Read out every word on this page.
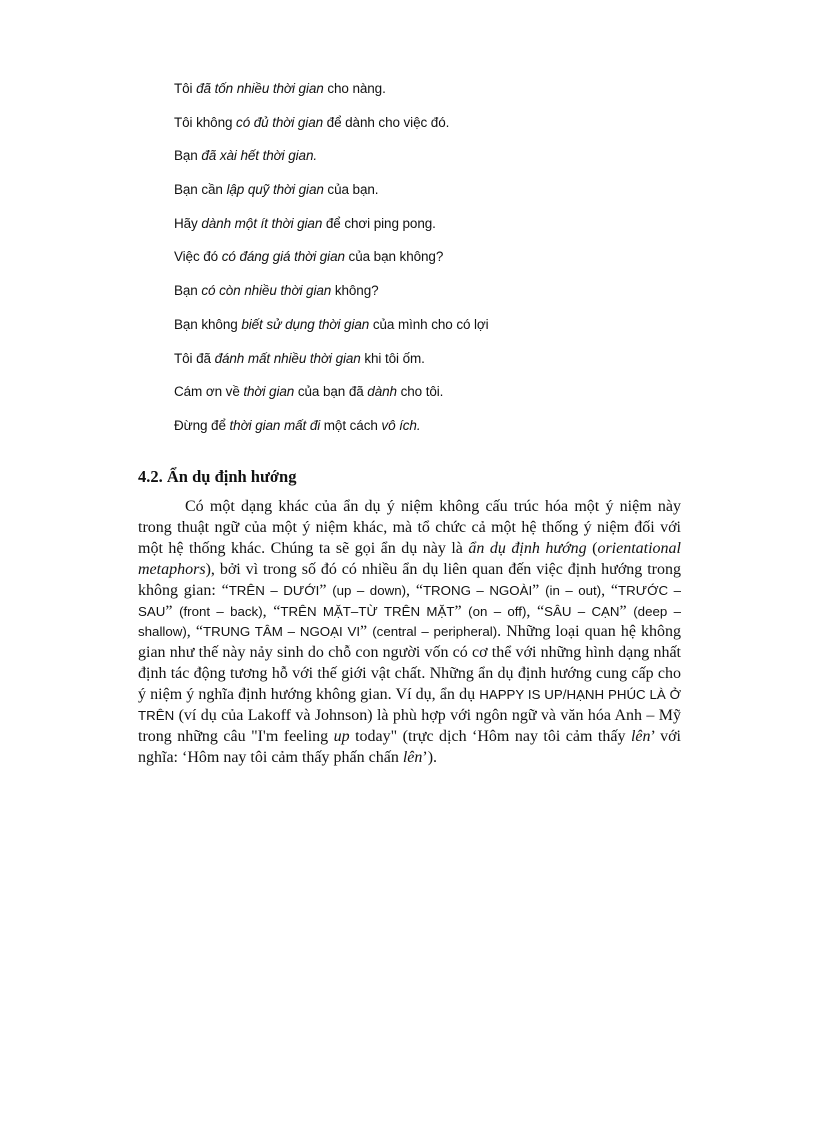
Tôi đã tốn nhiều thời gian cho nàng.
Tôi không có đủ thời gian để dành cho việc đó.
Bạn đã xài hết thời gian.
Bạn cần lập quỹ thời gian của bạn.
Hãy dành một ít thời gian để chơi ping pong.
Việc đó có đáng giá thời gian của bạn không?
Bạn có còn nhiều thời gian không?
Bạn không biết sử dụng thời gian của mình cho có lợi
Tôi đã đánh mất nhiều thời gian khi tôi ốm.
Cám ơn về thời gian của bạn đã dành cho tôi.
Đừng để thời gian mất đi một cách vô ích.
4.2. Ẩn dụ định hướng

Có một dạng khác của ẩn dụ ý niệm không cấu trúc hóa một ý niệm này trong thuật ngữ của một ý niệm khác, mà tổ chức cả một hệ thống ý niệm đối với một hệ thống khác. Chúng ta sẽ gọi ẩn dụ này là ẩn dụ định hướng (orientational metaphors), bởi vì trong số đó có nhiều ẩn dụ liên quan đến việc định hướng trong không gian: “TRÊN – DƯỚI” (up – down), “TRONG – NGOÀI” (in – out), “TRƯỚC – SAU” (front – back), “TRÊN MẶT–TỪ TRÊN MẶT” (on – off), “SÂU – CẠN” (deep – shallow), “TRUNG TÂM – NGOẠI VI” (central – peripheral). Những loại quan hệ không gian như thế này nảy sinh do chỗ con người vốn có cơ thể với những hình dạng nhất định tác động tương hỗ với thế giới vật chất. Những ẩn dụ định hướng cung cấp cho ý niệm ý nghĩa định hướng không gian. Ví dụ, ẩn dụ HAPPY IS UP/HẠNH PHÚC LÀ Ở TRÊN (ví dụ của Lakoff và Johnson) là phù hợp với ngôn ngữ và văn hóa Anh – Mỹ trong những câu "I'm feeling up today" (trực dịch ‘Hôm nay tôi cảm thấy lên’ với nghĩa: ‘Hôm nay tôi cảm thấy phấn chấn lên’).
